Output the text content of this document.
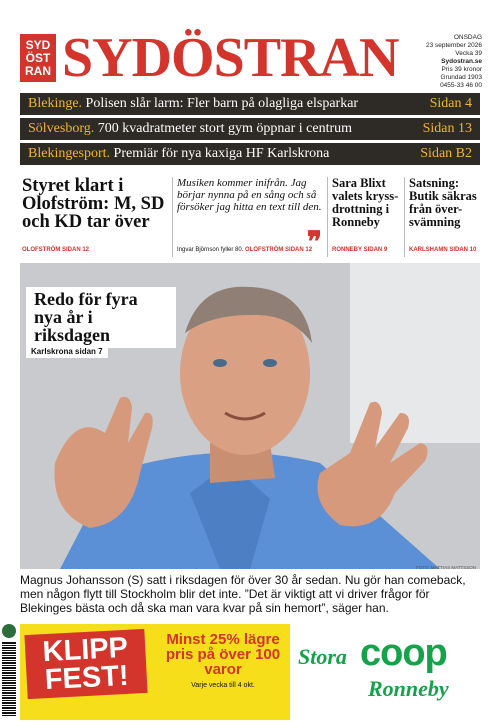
SYD
ÖST
RAN SYDÖSTRAN	ONSDAG
23 september 2026
Vecka 39
Sydostran.se
Pris 39 kronor
Grundad 1903
0455-33 46 00
Blekinge. Polisen slår larm: Fler barn på olagliga elsparkar	Sidan 4
Sölvesborg. 700 kvadratmeter stort gym öppnar i centrum	Sidan 13
Blekingesport. Premiär för nya kaxiga HF Karlskrona	Sidan B2
Styret klart i Olofström: M, SD och KD tar över
OLOFSTRÖM SIDAN 12

Musiken kommer inifrån. Jag börjar nynna på en sång och så försöker jag hitta en text till den.

Ingvar Björnson fyller 80. OLOFSTRÖM SIDAN 12
❞
Sara Blixt valets kryss-drottning i Ronneby
RONNEBY SIDAN 9
Satsning: Butik säkras från över-svämning
KARLSHAMN SIDAN 10
Redo för fyra nya år i riksdagen
Karlskrona sidan 7
FOTO: MATTIAS MATTSSON

Magnus Johansson (S) satt i riksdagen för över 30 år sedan. Nu gör han comeback, men någon flytt till Stockholm blir det inte. ”Det är viktigt att vi driver frågor för Blekinges bästa och då ska man vara kvar på sin hemort”, säger han.

KLIPP FEST!
Minst 25% lägre pris på över 100 varor
Varje vecka till 4 okt.
Stora coop
Ronneby
